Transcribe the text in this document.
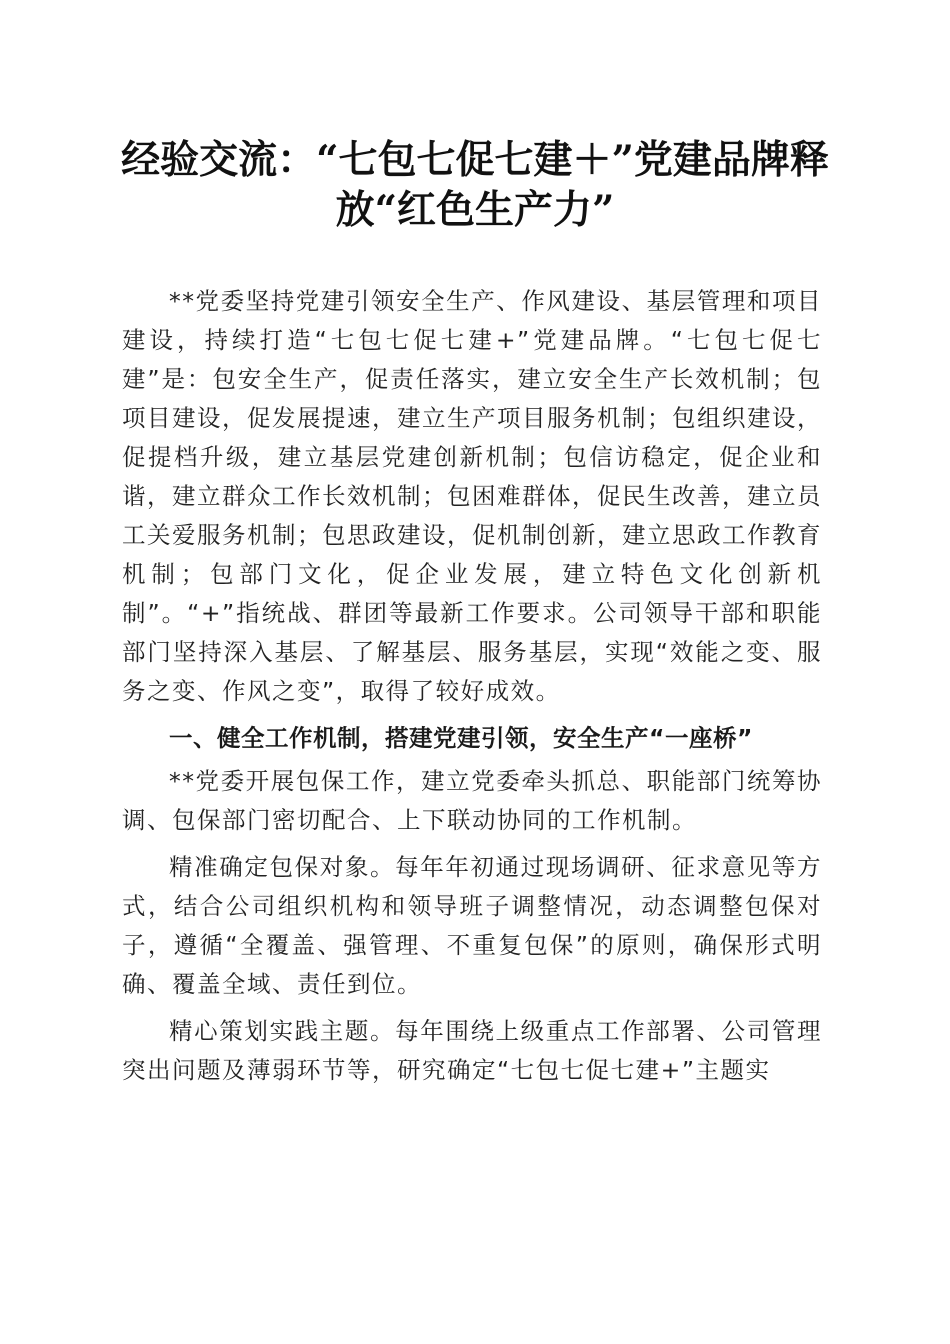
经验交流：“七包七促七建＋”党建品牌释
放“红色生产力”

**党委坚持党建引领安全生产、作风建设、基层管理和项目建设，持续打造“七包七促七建+”党建品牌。“七包七促七建”是：包安全生产，促责任落实，建立安全生产长效机制；包项目建设，促发展提速，建立生产项目服务机制；包组织建设，促提档升级，建立基层党建创新机制；包信访稳定，促企业和谐，建立群众工作长效机制；包困难群体，促民生改善，建立员工关爱服务机制；包思政建设，促机制创新，建立思政工作教育机制；包部门文化，促企业发展，建立特色文化创新机制”。“+”指统战、群团等最新工作要求。公司领导干部和职能部门坚持深入基层、了解基层、服务基层，实现“效能之变、服务之变、作风之变”，取得了较好成效。

一、健全工作机制，搭建党建引领，安全生产“一座桥”

**党委开展包保工作，建立党委牵头抓总、职能部门统筹协调、包保部门密切配合、上下联动协同的工作机制。

精准确定包保对象。每年年初通过现场调研、征求意见等方式，结合公司组织机构和领导班子调整情况，动态调整包保对子，遵循“全覆盖、强管理、不重复包保”的原则，确保形式明确、覆盖全域、责任到位。

精心策划实践主题。每年围绕上级重点工作部署、公司管理突出问题及薄弱环节等，研究确定“七包七促七建+”主题实
